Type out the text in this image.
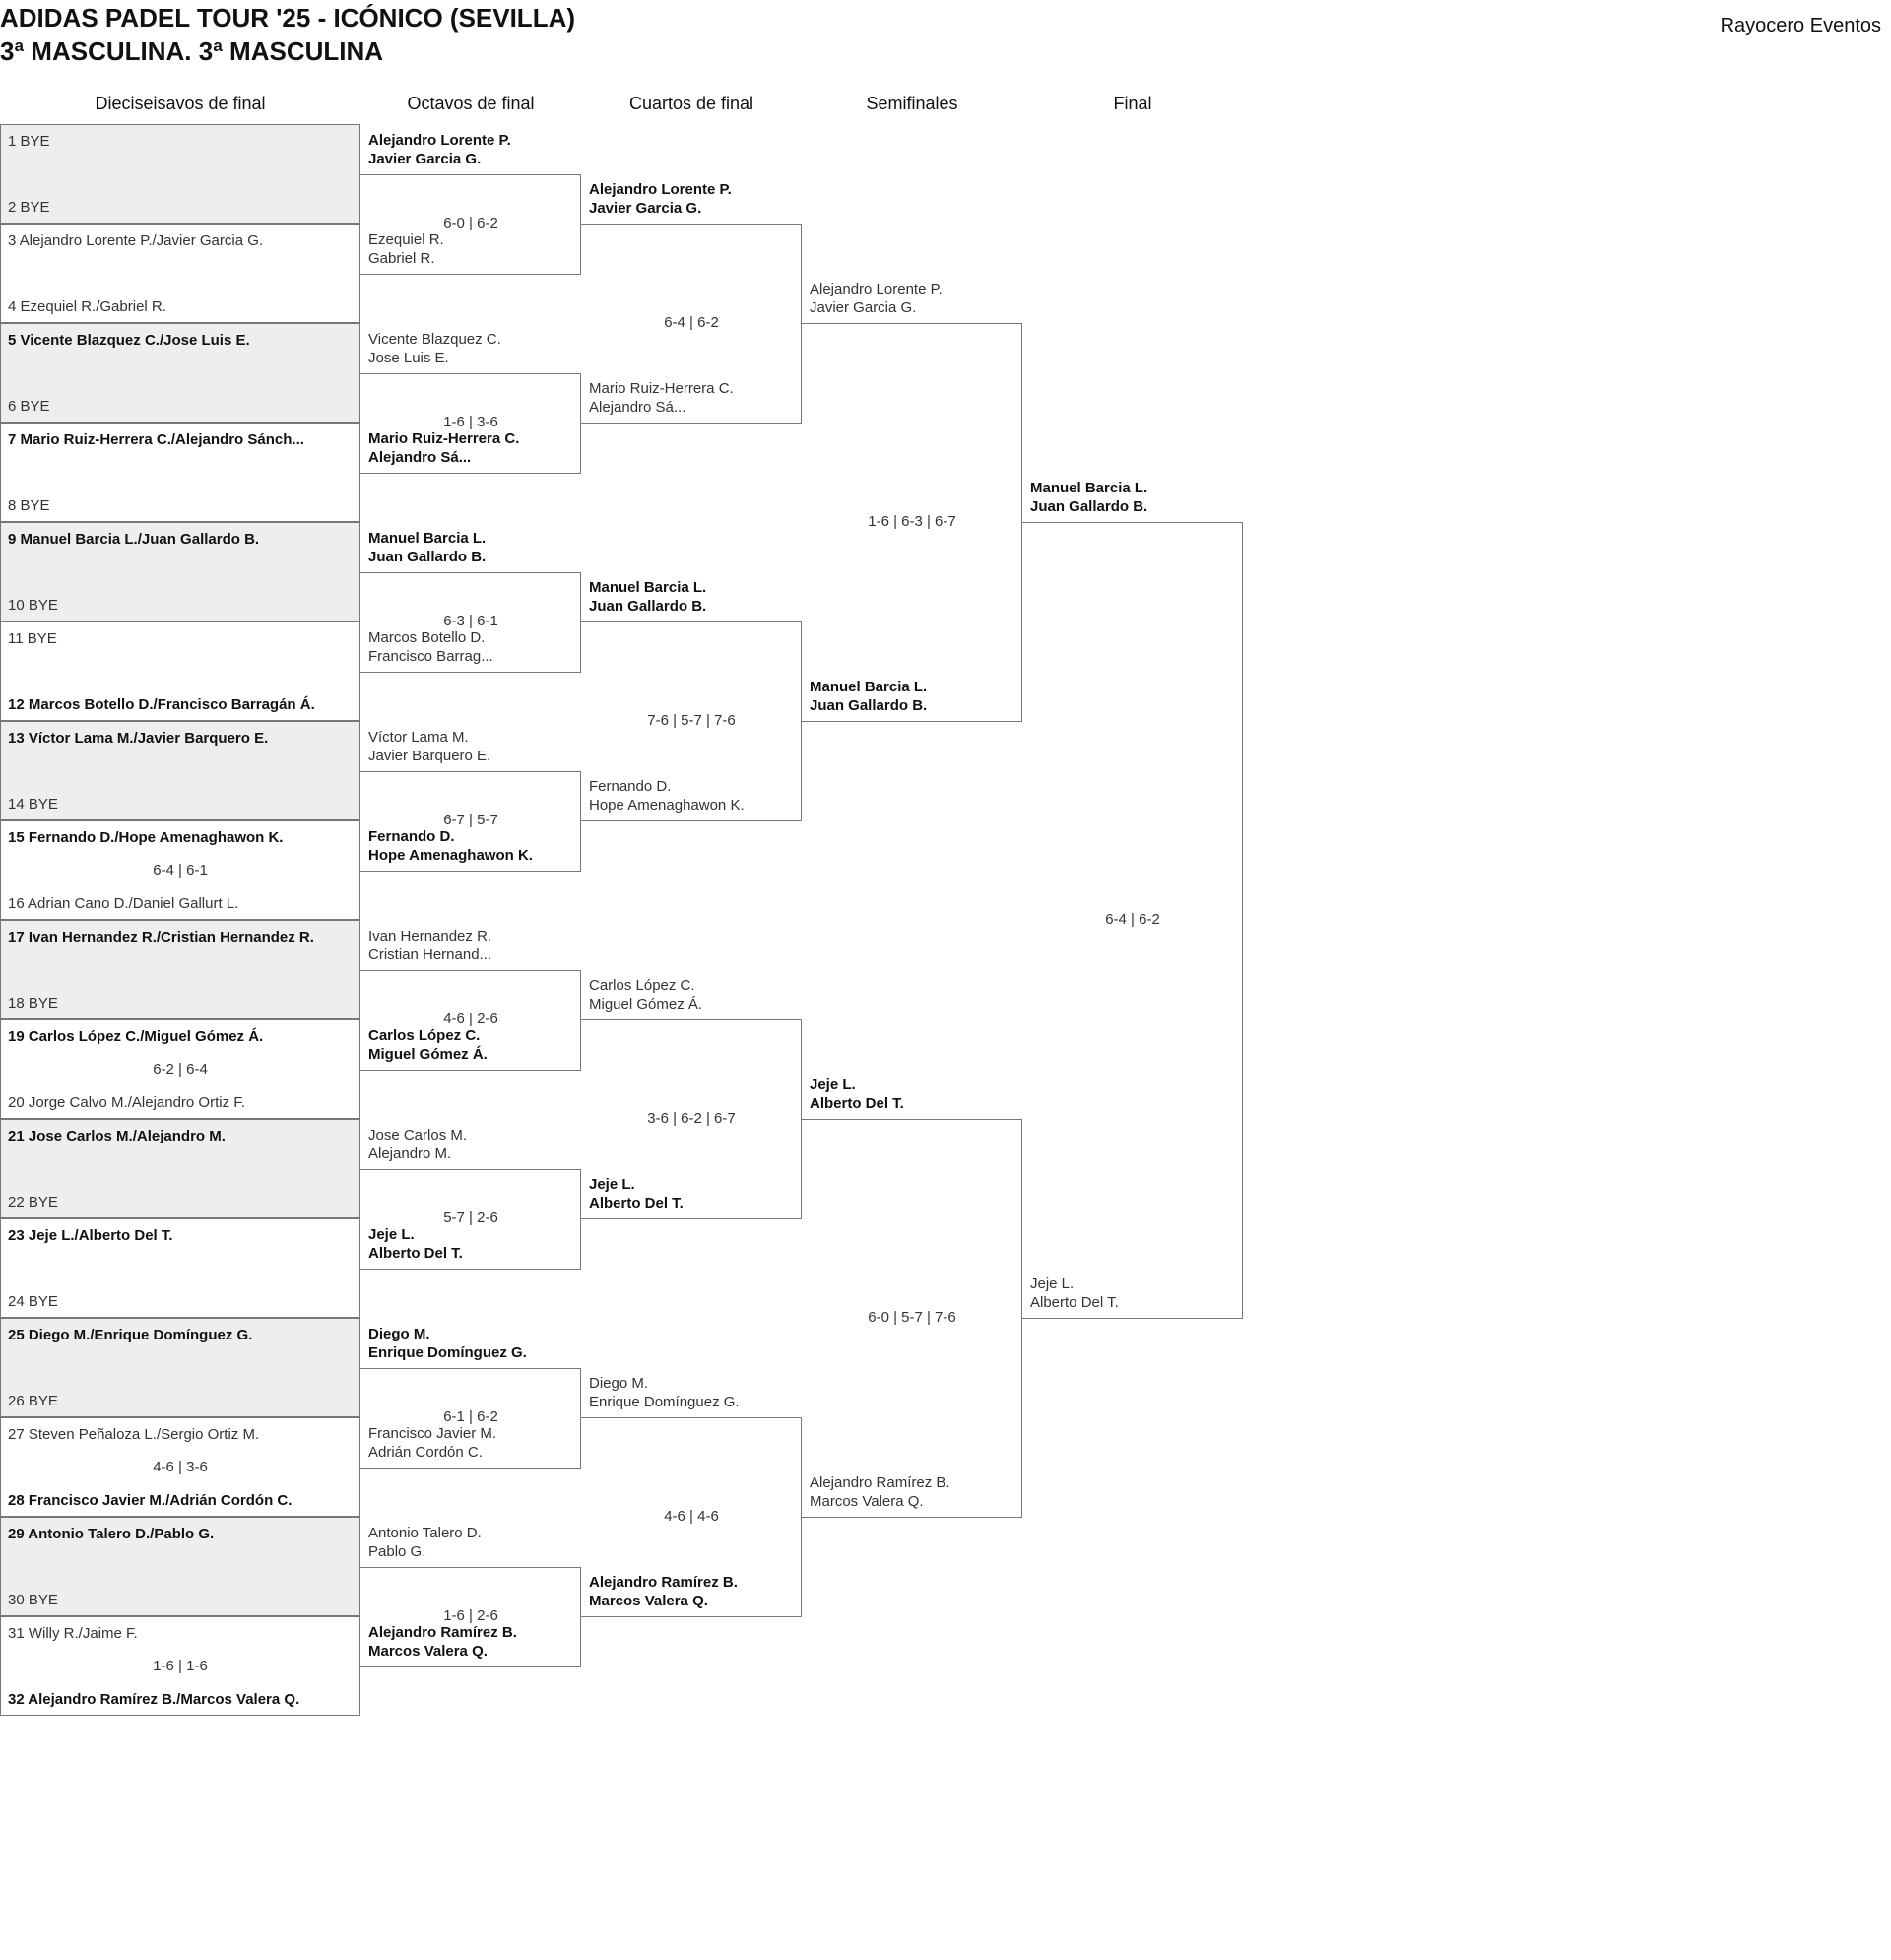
ADIDAS PADEL TOUR '25 - ICÓNICO (SEVILLA)
3ª MASCULINA. 3ª MASCULINA
Rayocero Eventos
Dieciseisavos de final	Octavos de final	Cuartos de final	Semifinales	Final
1 BYE
2 BYE
3 Alejandro Lorente P./Javier Garcia G.
4 Ezequiel R./Gabriel R.
5 Vicente Blazquez C./Jose Luis E.
6 BYE
7 Mario Ruiz-Herrera C./Alejandro Sánch...
8 BYE
9 Manuel Barcia L./Juan Gallardo B.
10 BYE
11 BYE
12 Marcos Botello D./Francisco Barragán Á.
13 Víctor Lama M./Javier Barquero E.
14 BYE
15 Fernando D./Hope Amenaghawon K.
16 Adrian Cano D./Daniel Gallurt L.
6-4 | 6-1
17 Ivan Hernandez R./Cristian Hernandez R.
18 BYE
19 Carlos López C./Miguel Gómez Á.
20 Jorge Calvo M./Alejandro Ortiz F.
6-2 | 6-4
21 Jose Carlos M./Alejandro M.
22 BYE
23 Jeje L./Alberto Del T.
24 BYE
25 Diego M./Enrique Domínguez G.
26 BYE
27 Steven Peñaloza L./Sergio Ortiz M.
28 Francisco Javier M./Adrián Cordón C.
4-6 | 3-6
29 Antonio Talero D./Pablo G.
30 BYE
31 Willy R./Jaime F.
32 Alejandro Ramírez B./Marcos Valera Q.
1-6 | 1-6
Alejandro Lorente P.
Javier Garcia G.
Ezequiel R.
Gabriel R.
6-0 | 6-2
Vicente Blazquez C.
Jose Luis E.
Mario Ruiz-Herrera C.
Alejandro Sá...
1-6 | 3-6
Manuel Barcia L.
Juan Gallardo B.
Marcos Botello D.
Francisco Barrag...
6-3 | 6-1
Víctor Lama M.
Javier Barquero E.
Fernando D.
Hope Amenaghawon K.
6-7 | 5-7
Ivan Hernandez R.
Cristian Hernand...
Carlos López C.
Miguel Gómez Á.
4-6 | 2-6
Jose Carlos M.
Alejandro M.
Jeje L.
Alberto Del T.
5-7 | 2-6
Diego M.
Enrique Domínguez G.
Francisco Javier M.
Adrián Cordón C.
6-1 | 6-2
Antonio Talero D.
Pablo G.
Alejandro Ramírez B.
Marcos Valera Q.
1-6 | 2-6
Alejandro Lorente P.
Javier Garcia G.
Mario Ruiz-Herrera C.
Alejandro Sá...
6-4 | 6-2
Manuel Barcia L.
Juan Gallardo B.
Fernando D.
Hope Amenaghawon K.
7-6 | 5-7 | 7-6
Carlos López C.
Miguel Gómez Á.
Jeje L.
Alberto Del T.
3-6 | 6-2 | 6-7
Diego M.
Enrique Domínguez G.
Alejandro Ramírez B.
Marcos Valera Q.
4-6 | 4-6
Alejandro Lorente P.
Javier Garcia G.
Manuel Barcia L.
Juan Gallardo B.
1-6 | 6-3 | 6-7
Jeje L.
Alberto Del T.
Alejandro Ramírez B.
Marcos Valera Q.
6-0 | 5-7 | 7-6
Manuel Barcia L.
Juan Gallardo B.
Jeje L.
Alberto Del T.
6-4 | 6-2
